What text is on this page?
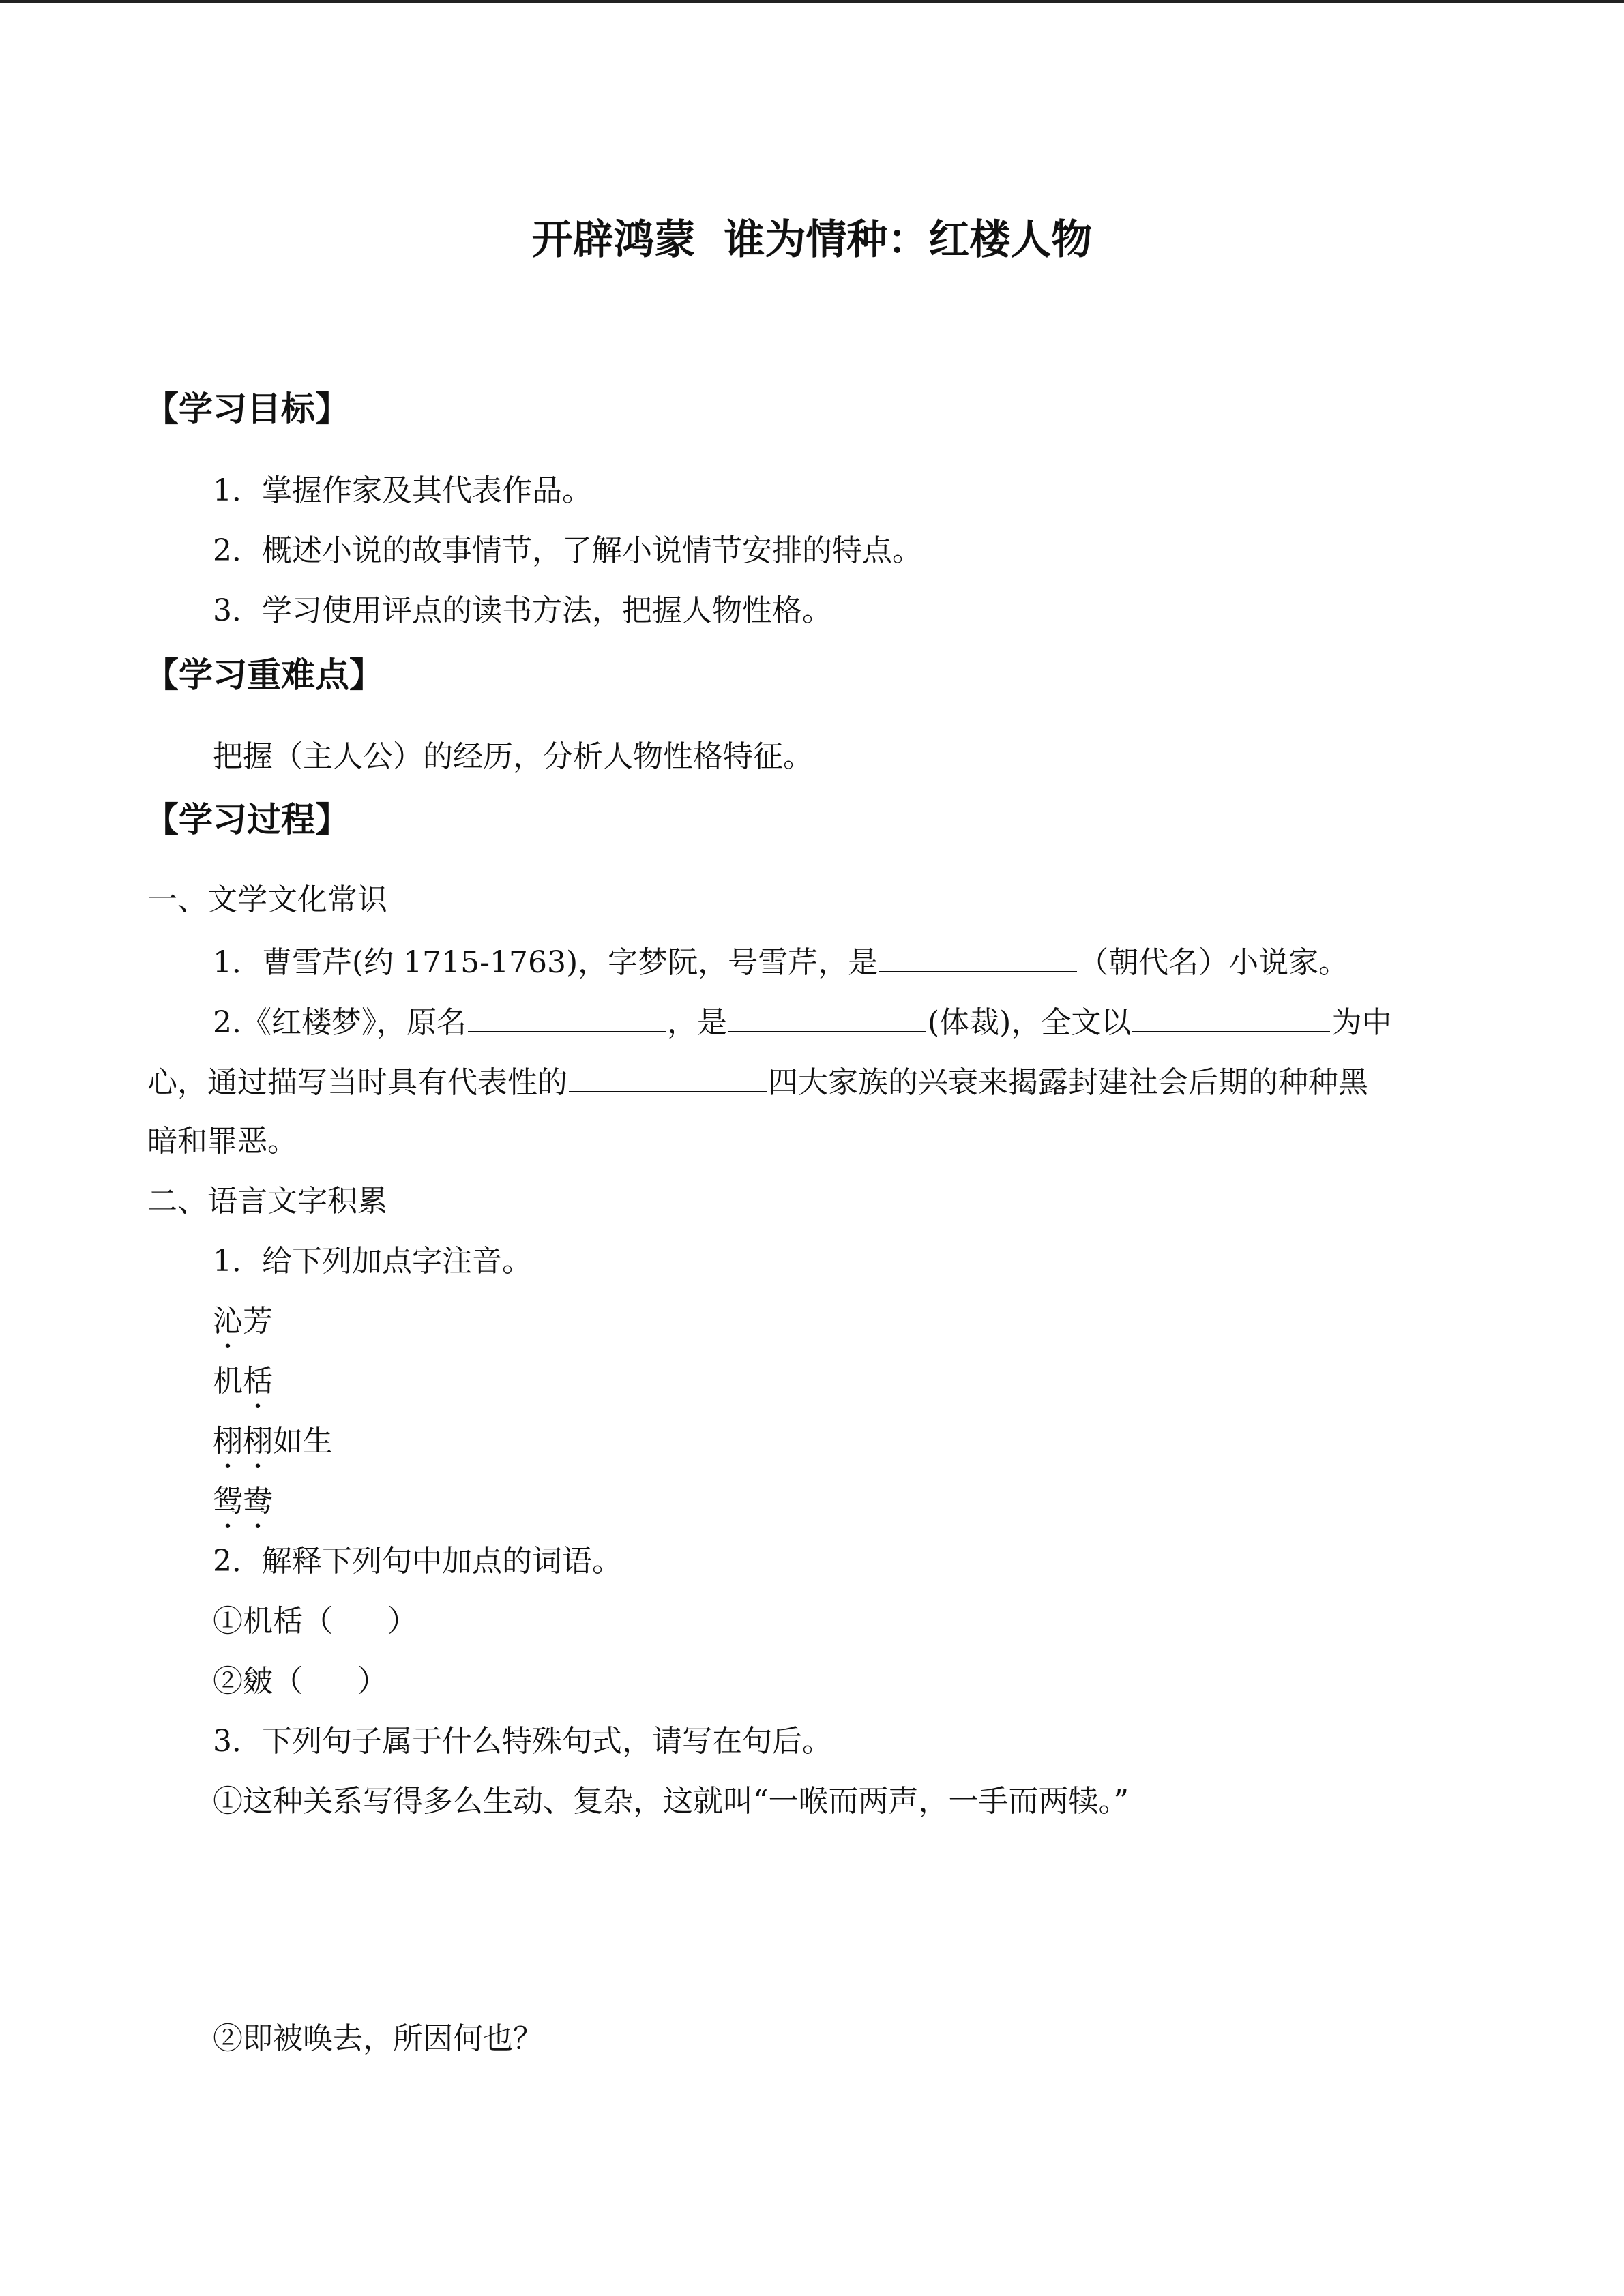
开辟鸿蒙  谁为情种：红楼人物
【学习目标】
1．掌握作家及其代表作品。
2．概述小说的故事情节，了解小说情节安排的特点。
3．学习使用评点的读书方法，把握人物性格。
【学习重难点】
把握（主人公）的经历，分析人物性格特征。
【学习过程】
一、文学文化常识
1．曹雪芹(约 1715-1763)，字梦阮，号雪芹，是	（朝代名）小说家。
2.《红楼梦》，原名	，是	(体裁)，全文以	为中
心，通过描写当时具有代表性的	四大家族的兴衰来揭露封建社会后期的种种黑
暗和罪恶。
二、语言文字积累
1．给下列加点字注音。
沁芳
机栝
栩栩如生
鸳鸯
2．解释下列句中加点的词语。
①机栝（ ）
②皴（ ）
3．下列句子属于什么特殊句式，请写在句后。
①这种关系写得多么生动、复杂，这就叫“一喉而两声，一手而两犊。”
②即被唤去，所因何也？
